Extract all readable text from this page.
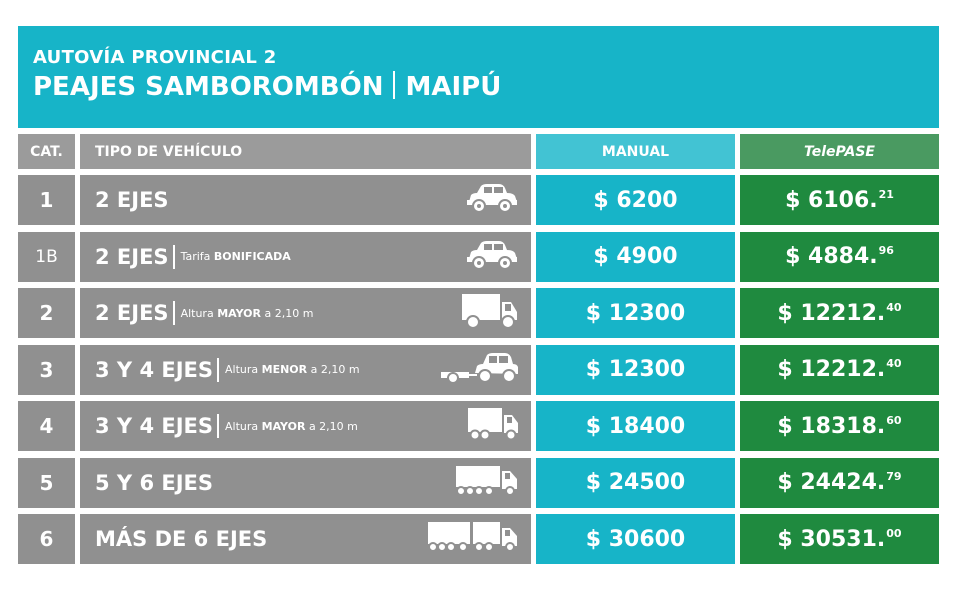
AUTOVÍA PROVINCIAL 2
PEAJES SAMBOROMBÓN MAIPÚ
CAT.	TIPO DE VEHÍCULO	MANUAL	Tele PASE
1 2 EJES	$ 6200	$ 6106.21
1B 2 EJES Tarifa BONIFICADA	$ 4900	$ 4884.96
2 2 EJES Altura MAYOR a 2,10 m	$ 12300	$ 12212.40
3 3 Y 4 EJES Altura MENOR a 2,10 m	$ 12300	$ 12212.40
4 3 Y 4 EJES Altura MAYOR a 2,10 m	$ 18400	$ 18318.60
5 5 Y 6 EJES	$ 24500	$ 24424.79
6 MÁS DE 6 EJES	$ 30600	$ 30531.00
